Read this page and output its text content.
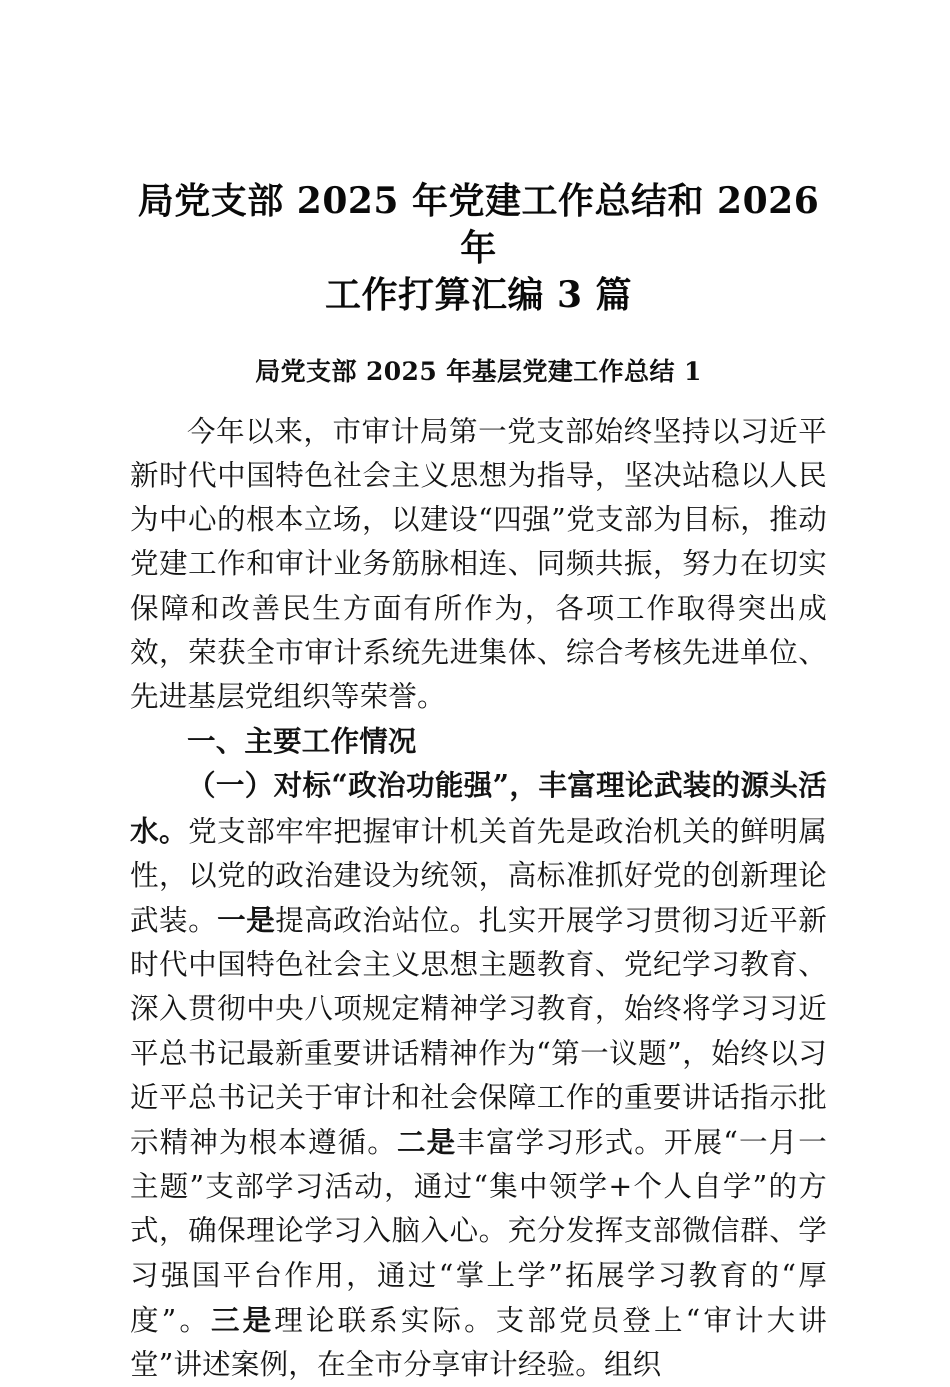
局党支部 2025 年党建工作总结和 2026 年
工作打算汇编 3 篇
局党支部 2025 年基层党建工作总结 1

今年以来，市审计局第一党支部始终坚持以习近平新时代中国特色社会主义思想为指导，坚决站稳以人民为中心的根本立场，以建设“四强”党支部为目标，推动党建工作和审计业务筋脉相连、同频共振，努力在切实保障和改善民生方面有所作为，各项工作取得突出成效，荣获全市审计系统先进集体、综合考核先进单位、先进基层党组织等荣誉。

一、主要工作情况

（一）对标“政治功能强”，丰富理论武装的源头活水。党支部牢牢把握审计机关首先是政治机关的鲜明属性，以党的政治建设为统领，高标准抓好党的创新理论武装。一是提高政治站位。扎实开展学习贯彻习近平新时代中国特色社会主义思想主题教育、党纪学习教育、深入贯彻中央八项规定精神学习教育，始终将学习习近平总书记最新重要讲话精神作为“第一议题”，始终以习近平总书记关于审计和社会保障工作的重要讲话指示批示精神为根本遵循。二是丰富学习形式。开展“一月一主题”支部学习活动，通过“集中领学+个人自学”的方式，确保理论学习入脑入心。充分发挥支部微信群、学习强国平台作用，通过“掌上学”拓展学习教育的“厚度”。三是理论联系实际。支部党员登上“审计大讲堂”讲述案例，在全市分享审计经验。组织
